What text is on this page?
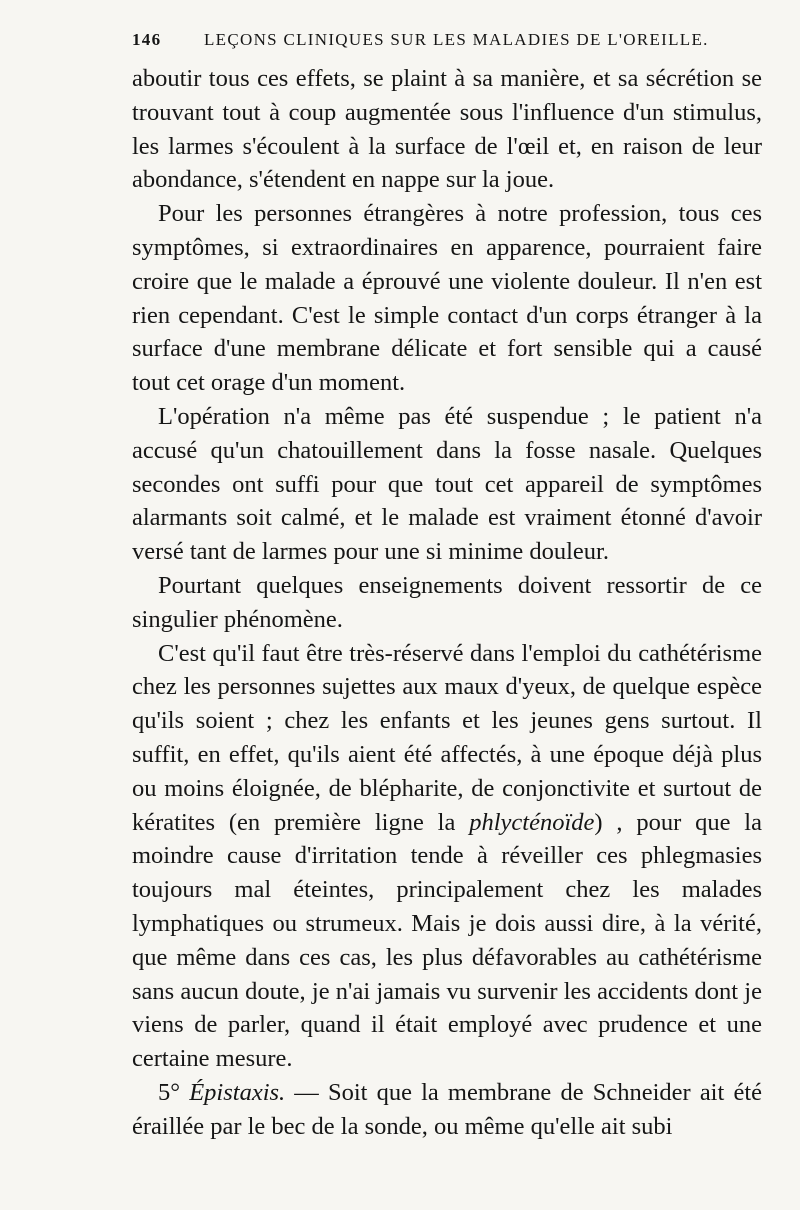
146	LEÇONS CLINIQUES SUR LES MALADIES DE L'OREILLE.

aboutir tous ces effets, se plaint à sa manière, et sa sécrétion se trouvant tout à coup augmentée sous l'influence d'un stimulus, les larmes s'écoulent à la surface de l'œil et, en raison de leur abondance, s'étendent en nappe sur la joue.

Pour les personnes étrangères à notre profession, tous ces symptômes, si extraordinaires en apparence, pourraient faire croire que le malade a éprouvé une violente douleur. Il n'en est rien cependant. C'est le simple contact d'un corps étranger à la surface d'une membrane délicate et fort sensible qui a causé tout cet orage d'un moment.

L'opération n'a même pas été suspendue ; le patient n'a accusé qu'un chatouillement dans la fosse nasale. Quelques secondes ont suffi pour que tout cet appareil de symptômes alarmants soit calmé, et le malade est vraiment étonné d'avoir versé tant de larmes pour une si minime douleur.

Pourtant quelques enseignements doivent ressortir de ce singulier phénomène.

C'est qu'il faut être très-réservé dans l'emploi du cathétérisme chez les personnes sujettes aux maux d'yeux, de quelque espèce qu'ils soient ; chez les enfants et les jeunes gens surtout. Il suffit, en effet, qu'ils aient été affectés, à une époque déjà plus ou moins éloignée, de blépharite, de conjonctivite et surtout de kératites (en première ligne la phlycténoïde) , pour que la moindre cause d'irritation tende à réveiller ces phlegmasies toujours mal éteintes, principalement chez les malades lymphatiques ou strumeux. Mais je dois aussi dire, à la vérité, que même dans ces cas, les plus défavorables au cathétérisme sans aucun doute, je n'ai jamais vu survenir les accidents dont je viens de parler, quand il était employé avec prudence et une certaine mesure.

5° Épistaxis. — Soit que la membrane de Schneider ait été éraillée par le bec de la sonde, ou même qu'elle ait subi
